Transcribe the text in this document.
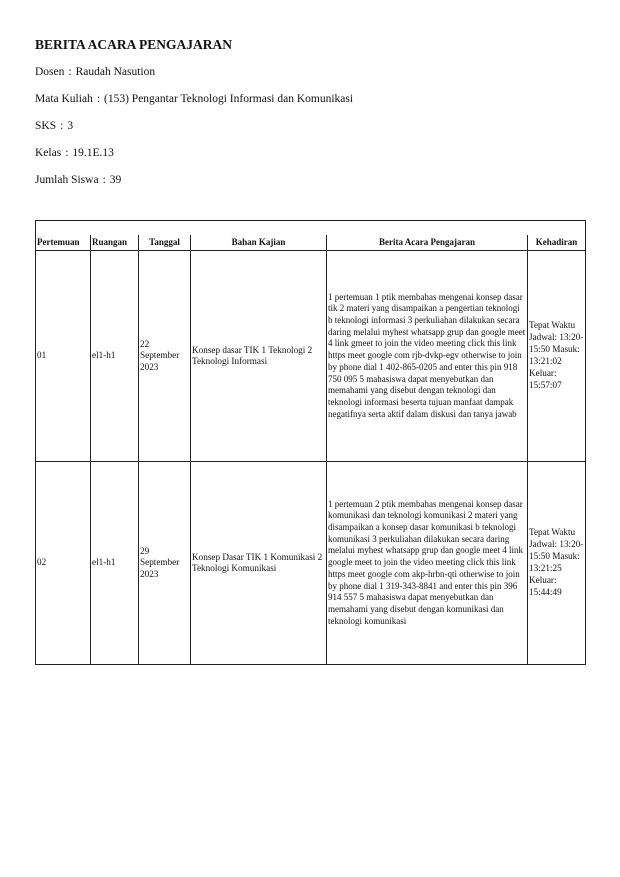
BERITA ACARA PENGAJARAN

Dosen : Raudah Nasution

Mata Kuliah : (153) Pengantar Teknologi Informasi dan Komunikasi

SKS : 3

Kelas : 19.1E.13

Jumlah Siswa : 39

Pertemuan	Ruangan	Tanggal	Bahan Kajian	Berita Acara Pengajaran	Kehadiran
01	el1-h1	22 September 2023	Konsep dasar TIK 1 Teknologi 2 Teknologi Informasi	1 pertemuan 1 ptik membahas mengenai konsep dasar tik 2 materi yang disampaikan a pengertian teknologi b teknologi informasi 3 perkuliahan dilakukan secara daring melalui myhest whatsapp grup dan google meet 4 link gmeet to join the video meeting click this link https meet google com rjb-dvkp-egv otherwise to join by phone dial 1 402-865-0205 and enter this pin 918 750 095 5 mahasiswa dapat menyebutkan dan memahami yang disebut dengan teknologi dan teknologi informasi beserta tujuan manfaat dampak negatifnya serta aktif dalam diskusi dan tanya jawab	Tepat Waktu Jadwal: 13:20-15:50 Masuk: 13:21:02 Keluar: 15:57:07
02	el1-h1	29 September 2023	Konsep Dasar TIK 1 Komunikasi 2 Teknologi Komunikasi	1 pertemuan 2 ptik membahas mengenai konsep dasar komunikasi dan teknologi komunikasi 2 materi yang disampaikan a konsep dasar komunikasi b teknologi komunikasi 3 perkuliahan dilakukan secara daring melalui myhest whatsapp grup dan google meet 4 link google meet to join the video meeting click this link https meet google com akp-hrbn-qti otherwise to join by phone dial 1 319-343-8841 and enter this pin 396 914 557 5 mahasiswa dapat menyebutkan dan memahami yang disebut dengan komunikasi dan teknologi komunikasi	Tepat Waktu Jadwal: 13:20-15:50 Masuk: 13:21:25 Keluar: 15:44:49
